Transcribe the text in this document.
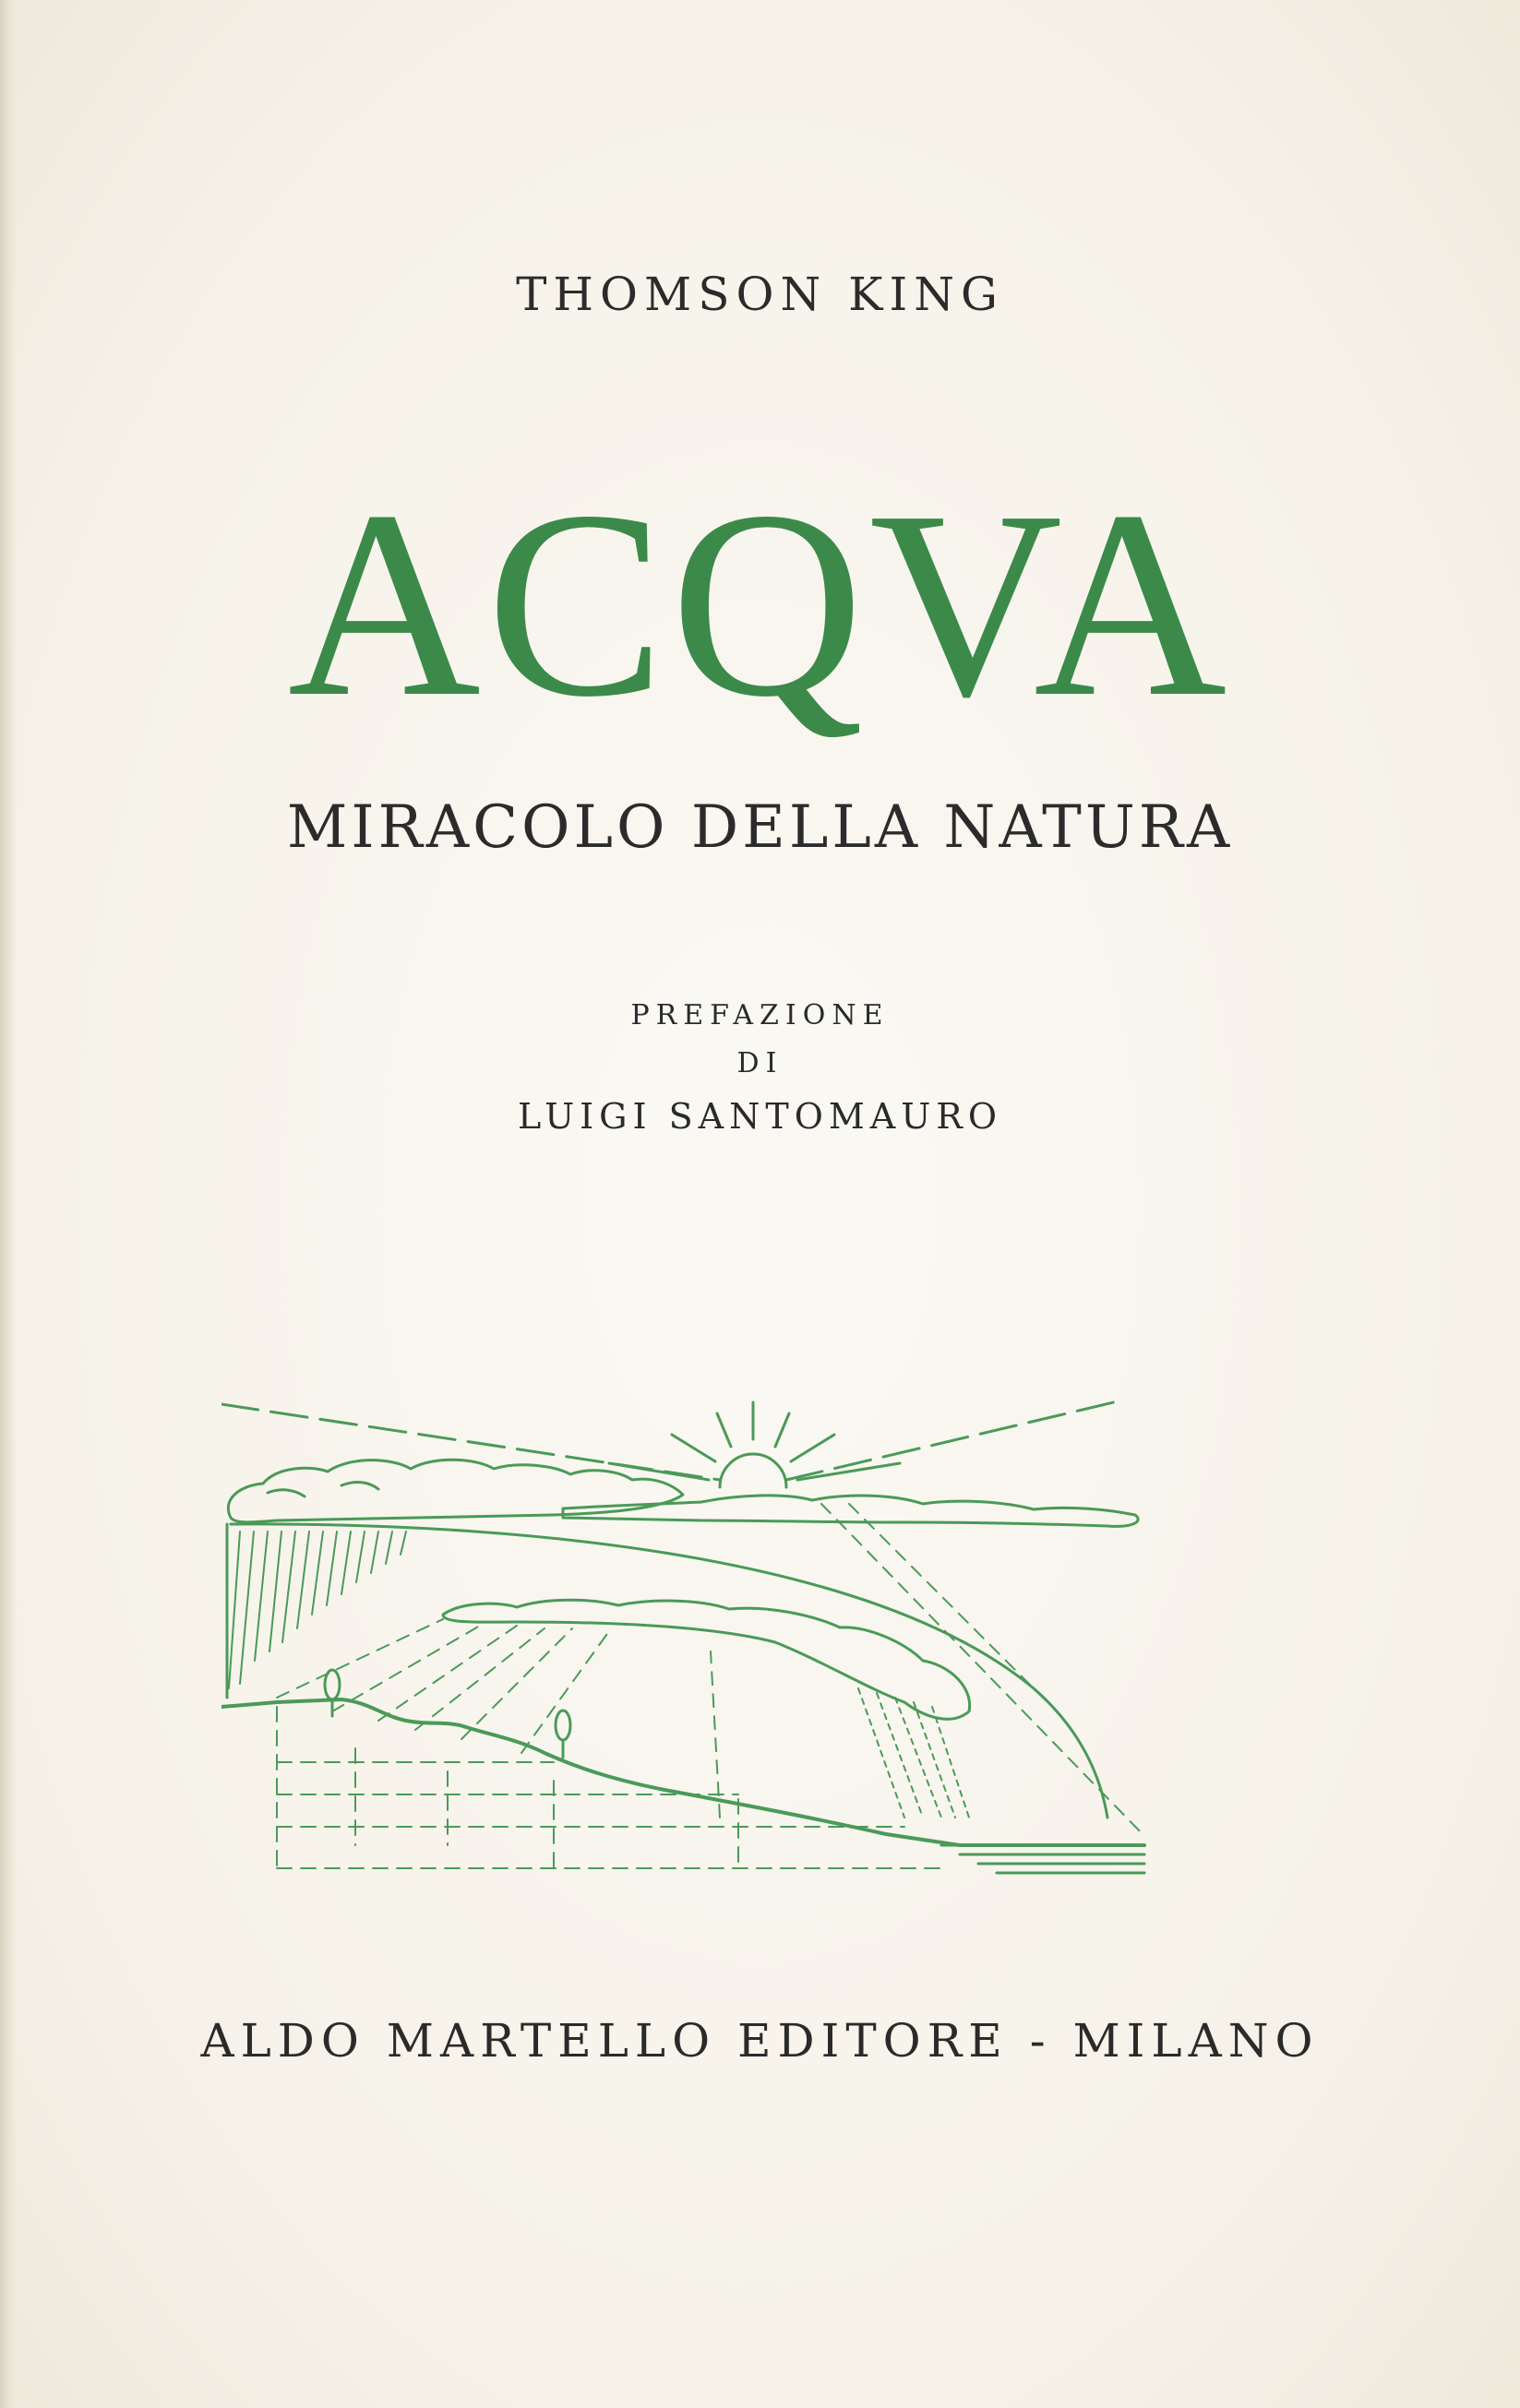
THOMSON KING
ACQVA
MIRACOLO DELLA NATURA
PREFAZIONE
DI
LUIGI SANTOMAURO
ALDO MARTELLO EDITORE - MILANO
